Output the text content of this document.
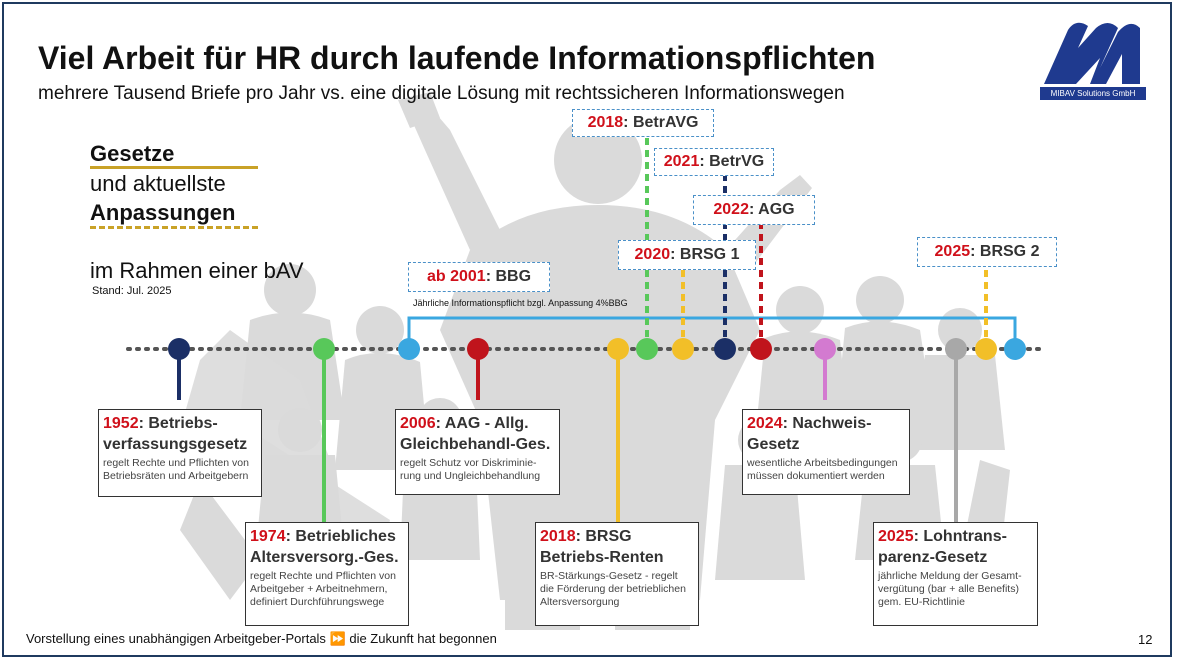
Viel Arbeit für HR durch laufende Informationspflichten
mehrere Tausend Briefe pro Jahr vs. eine digitale Lösung mit rechtssicheren Informationswegen	MIBAV Solutions GmbH
Gesetze
und aktuellste
Anpassungen
im Rahmen einer bAV
Stand: Jul. 2025
2018: BetrAVG
2021: BetrVG
2022: AGG
2020: BRSG 1
ab 2001: BBG
2025: BRSG 2
Jährliche Informationspflicht bzgl. Anpassung 4%BBG
1952: Betriebs-
verfassungsgesetz
regelt Rechte und Pflichten von
Betriebsräten und Arbeitgebern
1974: Betriebliches
Altersversorg.-Ges.
regelt Rechte und Pflichten von
Arbeitgeber + Arbeitnehmern,
definiert Durchführungswege
2006: AAG - Allg.
Gleichbehandl-Ges.
regelt Schutz vor Diskriminie-
rung und Ungleichbehandlung
2018: BRSG
Betriebs-Renten
BR-Stärkungs-Gesetz - regelt
die Förderung der betrieblichen
Altersversorgung
2024: Nachweis-
Gesetz
wesentliche Arbeitsbedingungen
müssen dokumentiert werden
2025: Lohntrans-
parenz-Gesetz
jährliche Meldung der Gesamt-
vergütung (bar + alle Benefits)
gem. EU-Richtlinie
Vorstellung eines unabhängigen Arbeitgeber-Portals ⏩ die Zukunft hat begonnen	12
